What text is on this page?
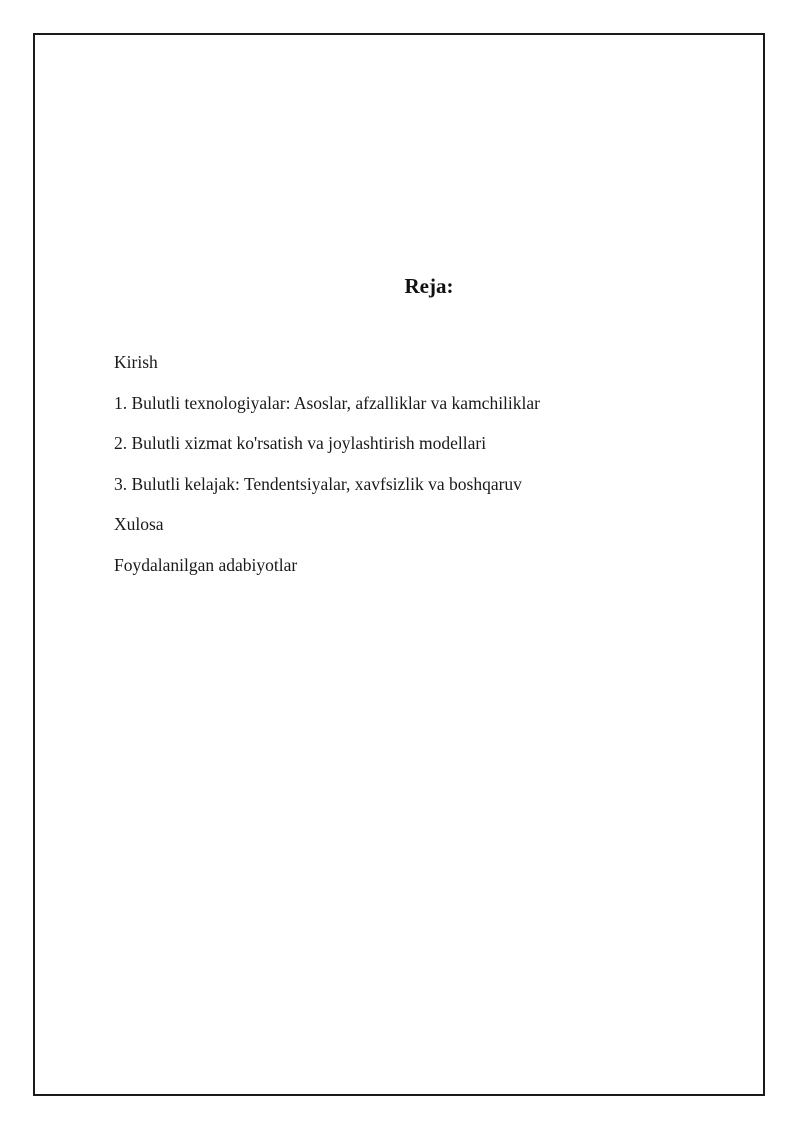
Reja:
Kirish
1. Bulutli texnologiyalar: Asoslar, afzalliklar va kamchiliklar
2. Bulutli xizmat ko'rsatish va joylashtirish modellari
3. Bulutli kelajak: Tendentsiyalar, xavfsizlik va boshqaruv
Xulosa
Foydalanilgan adabiyotlar
